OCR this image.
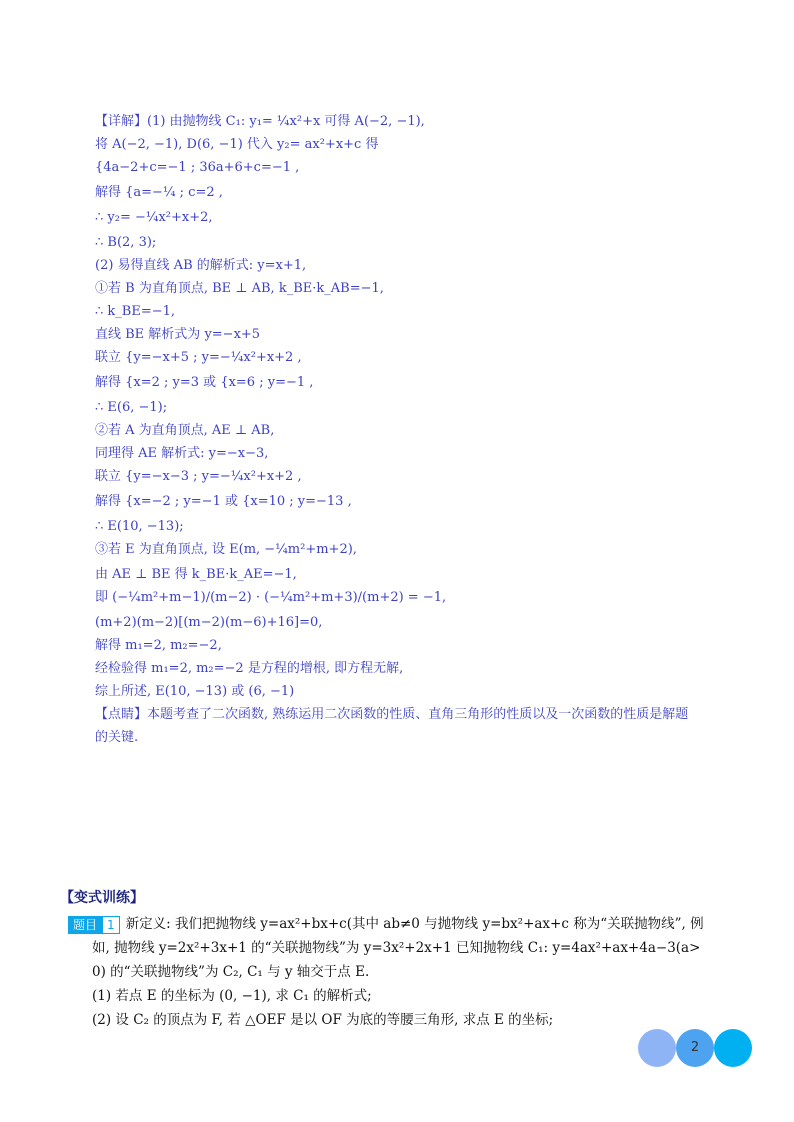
【详解】(1) 由抛物线 C₁: y₁= ¼x²+x 可得 A(−2, −1),
将 A(−2, −1), D(6, −1) 代入 y₂= ax²+x+c 得
{4a−2+c=−1 ; 36a+6+c=−1 ,
解得 {a=−¼ ; c=2 ,
∴ y₂= −¼x²+x+2,
∴ B(2, 3);
(2) 易得直线 AB 的解析式: y=x+1,
①若 B 为直角顶点, BE ⊥ AB, k_BE·k_AB=−1,
∴ k_BE=−1,
直线 BE 解析式为 y=−x+5
联立 {y=−x+5 ; y=−¼x²+x+2 ,
解得 {x=2 ; y=3 或 {x=6 ; y=−1 ,
∴ E(6, −1);
②若 A 为直角顶点, AE ⊥ AB,
同理得 AE 解析式: y=−x−3,
联立 {y=−x−3 ; y=−¼x²+x+2 ,
解得 {x=−2 ; y=−1 或 {x=10 ; y=−13 ,
∴ E(10, −13);
③若 E 为直角顶点, 设 E(m, −¼m²+m+2),
由 AE ⊥ BE 得 k_BE·k_AE=−1,
即 (−¼m²+m−1)/(m−2) · (−¼m²+m+3)/(m+2) = −1,
(m+2)(m−2)[(m−2)(m−6)+16]=0,
解得 m₁=2, m₂=−2,
经检验得 m₁=2, m₂=−2 是方程的增根, 即方程无解,
综上所述, E(10, −13) 或 (6, −1)
【点睛】本题考查了二次函数, 熟练运用二次函数的性质、直角三角形的性质以及一次函数的性质是解题
的关键.
【变式训练】
题目 1 新定义: 我们把抛物线 y=ax²+bx+c(其中 ab≠0 与抛物线 y=bx²+ax+c 称为“关联抛物线”, 例
如, 抛物线 y=2x²+3x+1 的“关联抛物线”为 y=3x²+2x+1 已知抛物线 C₁: y=4ax²+ax+4a−3(a>
0) 的“关联抛物线”为 C₂, C₁ 与 y 轴交于点 E.
(1) 若点 E 的坐标为 (0, −1), 求 C₁ 的解析式;
(2) 设 C₂ 的顶点为 F, 若 △OEF 是以 OF 为底的等腰三角形, 求点 E 的坐标;
2
